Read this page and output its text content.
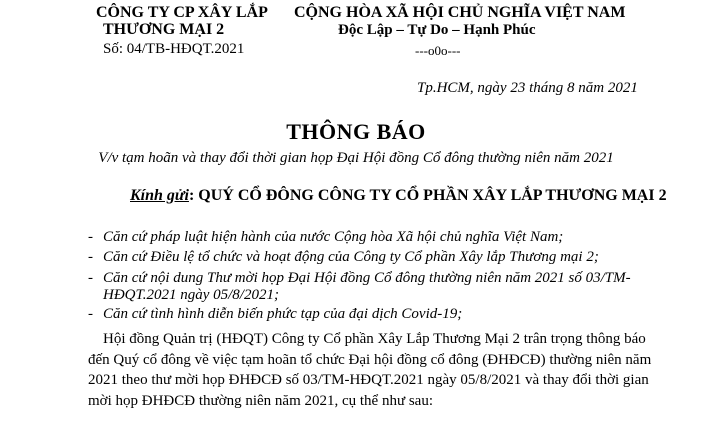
CÔNG TY CP XÂY LẮP
THƯƠNG MẠI 2
Số: 04/TB-HĐQT.2021
CỘNG HÒA XÃ HỘI CHỦ NGHĨA VIỆT NAM
Độc Lập – Tự Do – Hạnh Phúc
---o0o---
Tp.HCM, ngày 23 tháng 8 năm 2021
THÔNG BÁO
V/v tạm hoãn và thay đổi thời gian họp Đại Hội đồng Cổ đông thường niên năm 2021
Kính gửi: QUÝ CỔ ĐÔNG CÔNG TY CỔ PHẦN XÂY LẮP THƯƠNG MẠI 2
- Căn cứ pháp luật hiện hành của nước Cộng hòa Xã hội chủ nghĩa Việt Nam;
- Căn cứ Điều lệ tổ chức và hoạt động của Công ty Cổ phần Xây lắp Thương mại 2;
- Căn cứ nội dung Thư mời họp Đại Hội đồng Cổ đông thường niên năm 2021 số 03/TM-
HĐQT.2021 ngày 05/8/2021;
- Căn cứ tình hình diễn biến phức tạp của đại dịch Covid-19;
Hội đồng Quản trị (HĐQT) Công ty Cổ phần Xây Lắp Thương Mại 2 trân trọng thông báo
đến Quý cổ đông về việc tạm hoãn tổ chức Đại hội đồng cổ đông (ĐHĐCĐ) thường niên năm
2021 theo thư mời họp ĐHĐCĐ số 03/TM-HĐQT.2021 ngày 05/8/2021 và thay đổi thời gian
mời họp ĐHĐCĐ thường niên năm 2021, cụ thể như sau:
